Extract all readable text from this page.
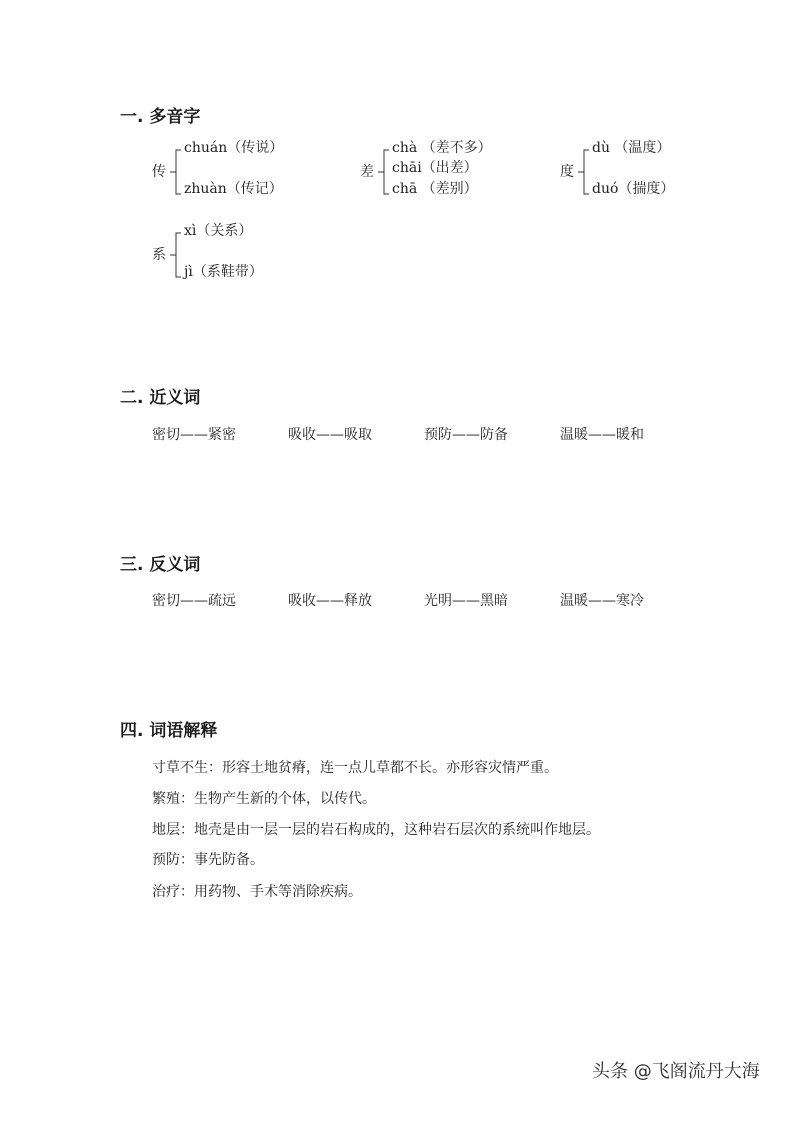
一. 多音字
传
chuán（传说）
zhuàn（传记）
差
chà （差不多）
chāi（出差）
chā （差别）
度
dù （温度）
duó（揣度）
系
xì（关系）
jì（系鞋带）
二. 近义词
密切——紧密	吸收——吸取	预防——防备	温暖——暖和
三. 反义词
密切——疏远	吸收——释放	光明——黑暗	温暖——寒冷
四. 词语解释

寸草不生：形容土地贫瘠，连一点儿草都不长。亦形容灾情严重。

繁殖：生物产生新的个体，以传代。

地层：地壳是由一层一层的岩石构成的，这种岩石层次的系统叫作地层。

预防：事先防备。

治疗：用药物、手术等消除疾病。

头条 @飞阁流丹大海
